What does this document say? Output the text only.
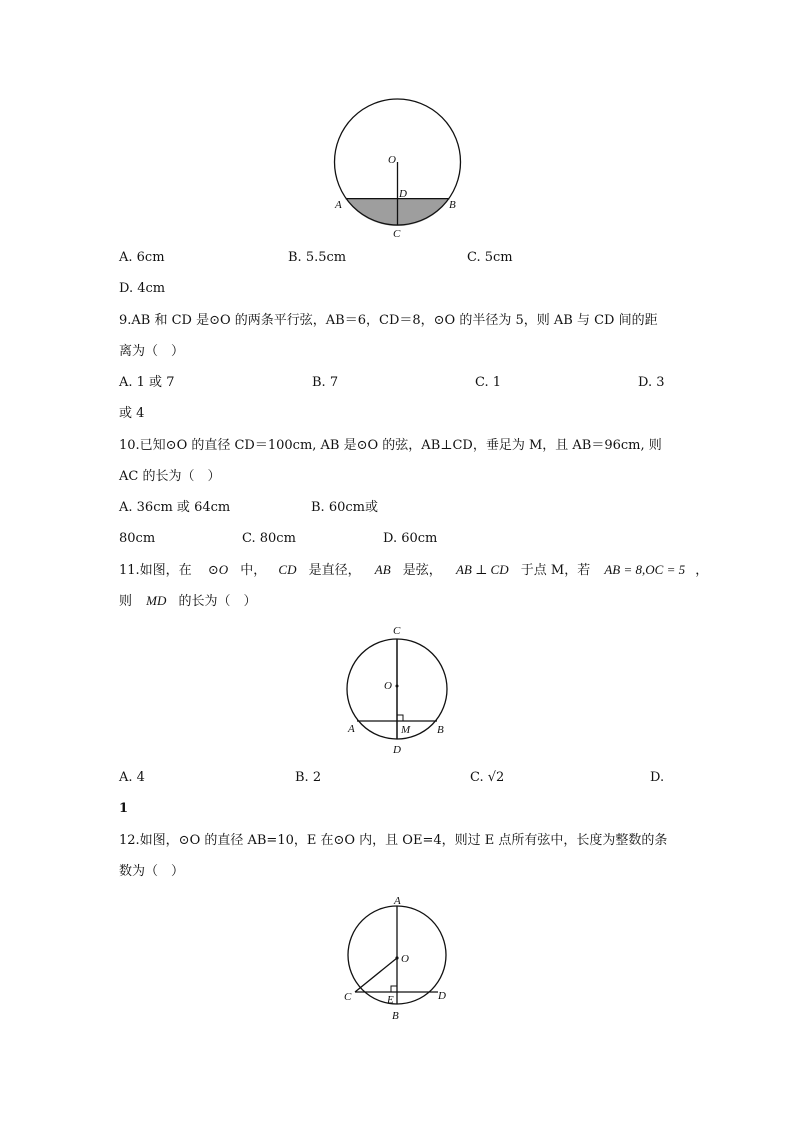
O
D
A	B
C
A. 6cm	B. 5.5cm	C. 5cm
D. 4cm
9.AB 和 CD 是⊙O 的两条平行弦，AB＝6，CD＝8，⊙O 的半径为 5，则 AB 与 CD 间的距
离为（　）
A. 1 或 7	B. 7	C. 1	D. 3
或 4
10.已知⊙O 的直径 CD＝100cm, AB 是⊙O 的弦，AB⊥CD，垂足为 M，且 AB＝96cm, 则
AC 的长为（　）
A. 36cm 或 64cm	B. 60cm或
80cm	C. 80cm	D. 60cm
11.如图，在 ⊙O 中， CD 是直径， AB 是弦， AB ⊥ CD 于点 M，若 AB = 8,OC = 5 ，
则 MD 的长为（　）
C
O
A	M B
D
A. 4	B. 2	C. √2	D.
1
12.如图，⊙O 的直径 AB=10，E 在⊙O 内，且 OE=4，则过 E 点所有弦中，长度为整数的条
数为（　）
A
O
C	E	D
B
